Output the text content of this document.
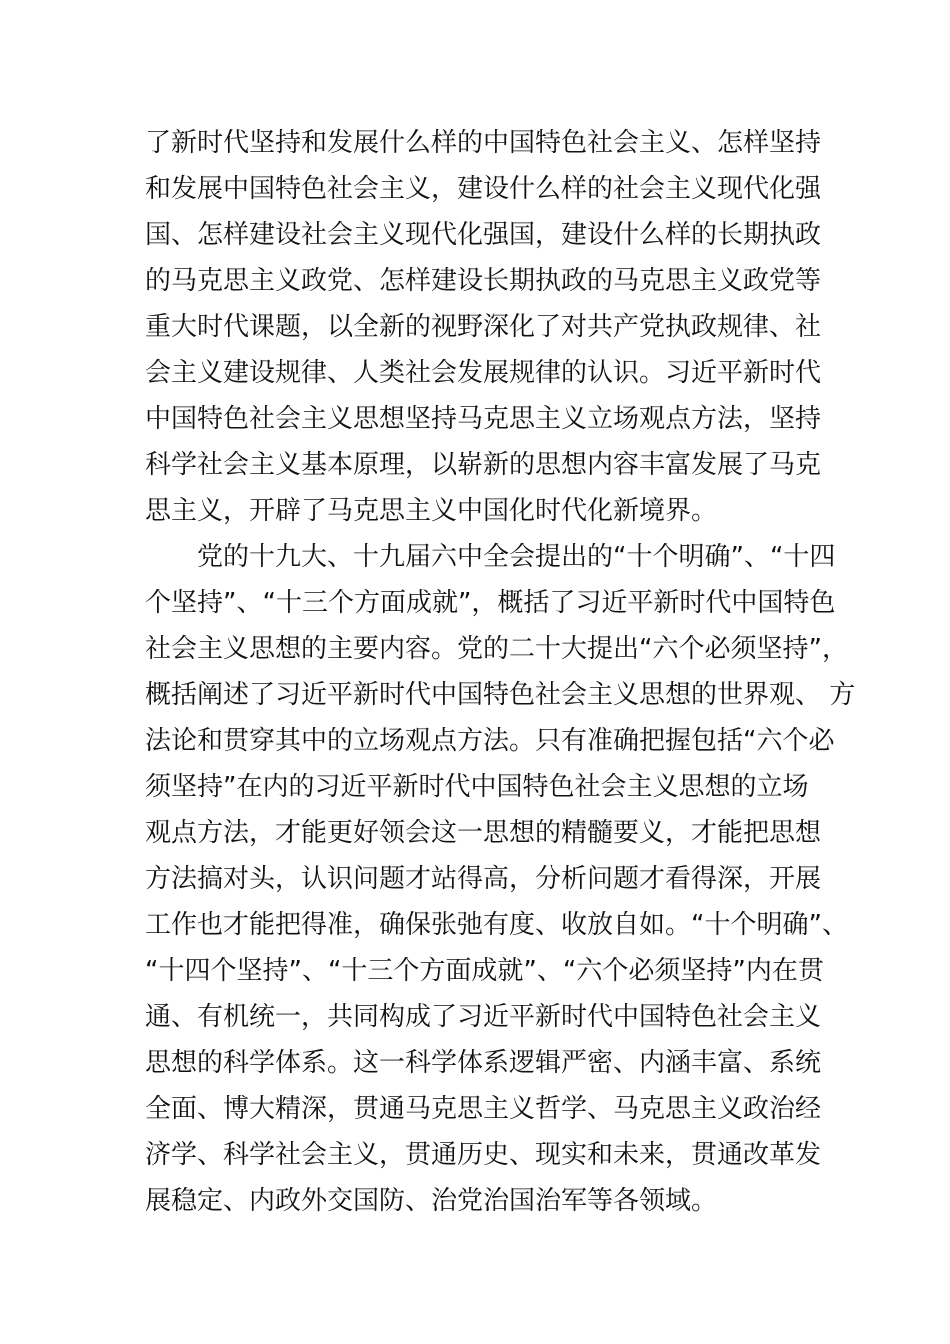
了新时代坚持和发展什么样的中国特色社会主义、怎样坚持
和发展中国特色社会主义，建设什么样的社会主义现代化强
国、怎样建设社会主义现代化强国，建设什么样的长期执政
的马克思主义政党、怎样建设长期执政的马克思主义政党等
重大时代课题，以全新的视野深化了对共产党执政规律、社
会主义建设规律、人类社会发展规律的认识。习近平新时代
中国特色社会主义思想坚持马克思主义立场观点方法，坚持
科学社会主义基本原理，以崭新的思想内容丰富发展了马克
思主义，开辟了马克思主义中国化时代化新境界。
党的十九大、十九届六中全会提出的“十个明确”、“十四
个坚持”、“十三个方面成就”，概括了习近平新时代中国特色
社会主义思想的主要内容。党的二十大提出“六个必须坚持”，
概括阐述了习近平新时代中国特色社会主义思想的世界观、 方
法论和贯穿其中的立场观点方法。只有准确把握包括“六个必
须坚持”在内的习近平新时代中国特色社会主义思想的立场
观点方法，才能更好领会这一思想的精髓要义，才能把思想
方法搞对头，认识问题才站得高，分析问题才看得深，开展
工作也才能把得准，确保张弛有度、收放自如。“十个明确”、
“十四个坚持”、“十三个方面成就”、“六个必须坚持”内在贯
通、有机统一，共同构成了习近平新时代中国特色社会主义
思想的科学体系。这一科学体系逻辑严密、内涵丰富、系统
全面、博大精深，贯通马克思主义哲学、马克思主义政治经
济学、科学社会主义，贯通历史、现实和未来，贯通改革发
展稳定、内政外交国防、治党治国治军等各领域。
